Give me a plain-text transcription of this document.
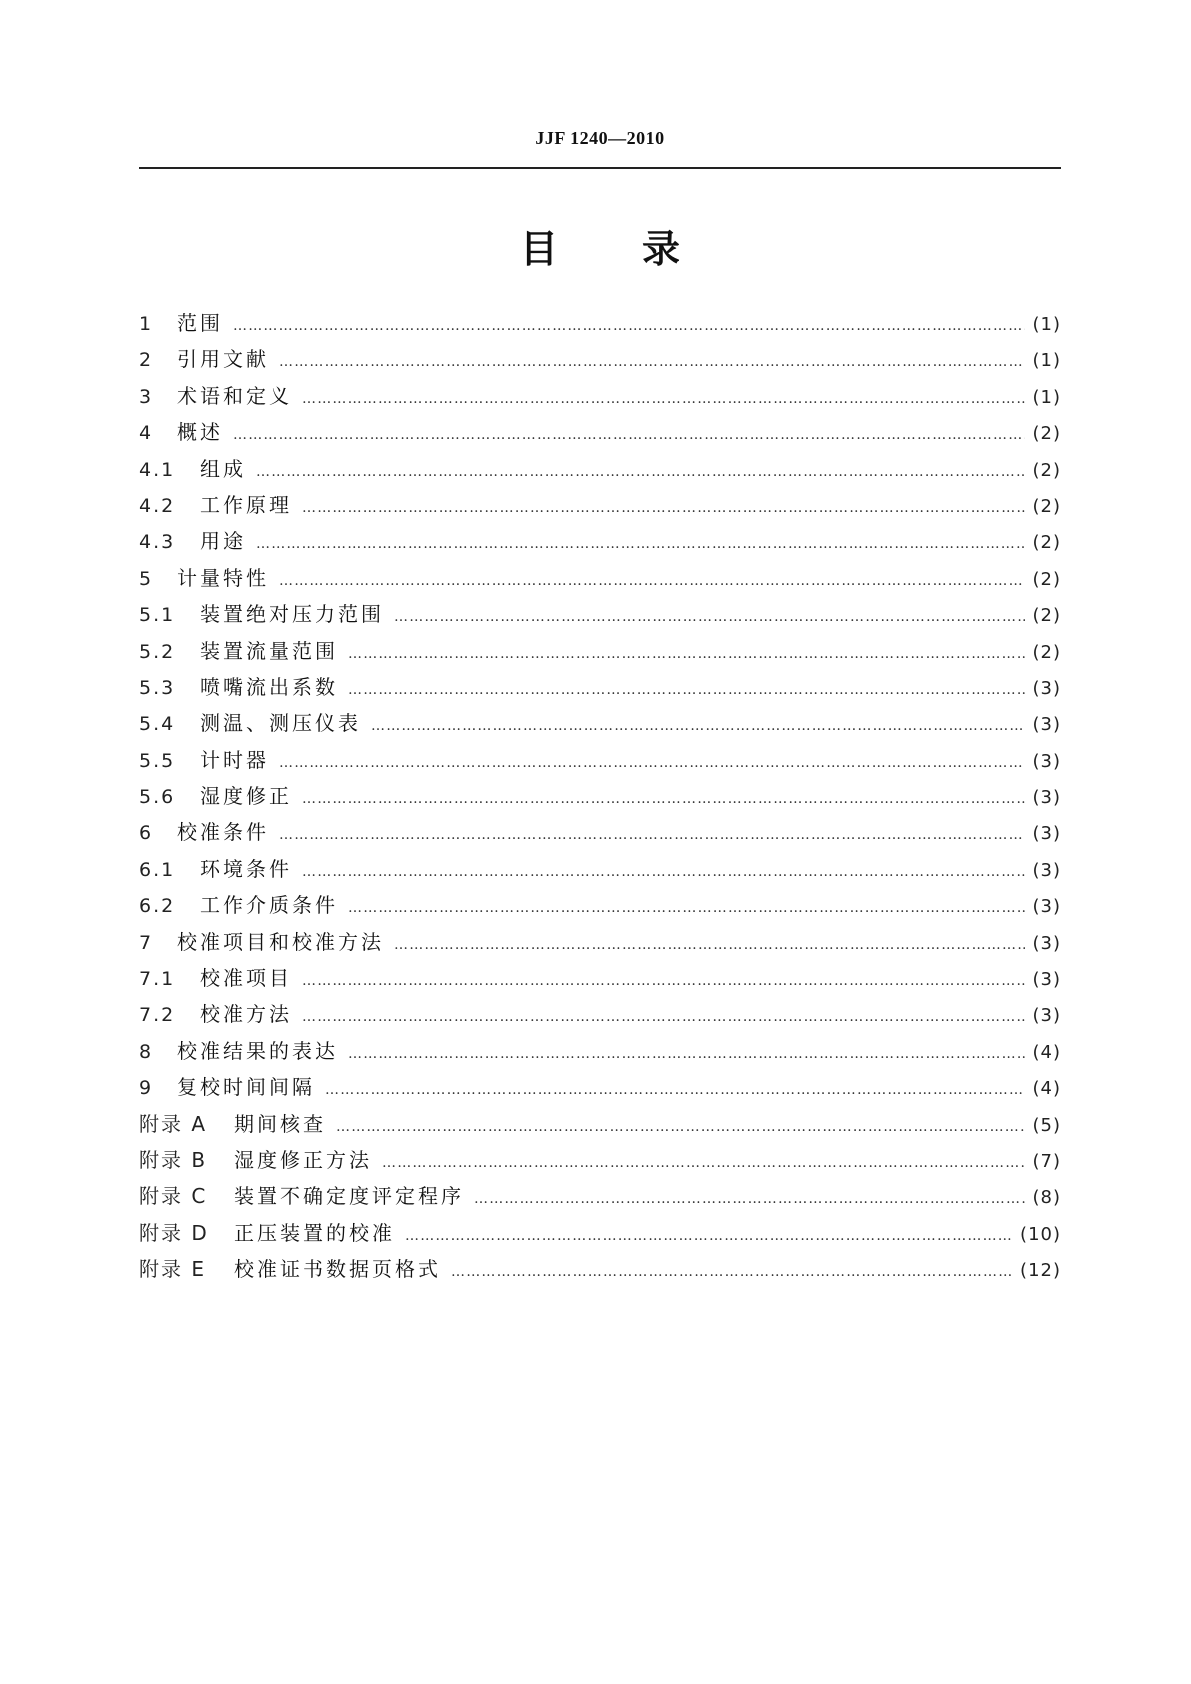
JJF 1240—2010
目 录
1	范围 …………………………………………………………………………………………………………………………………………………………………………………………………………………………………………………………	(1)
2	引用文献 …………………………………………………………………………………………………………………………………………………………………………………………………………………………………………………………	(1)
3	术语和定义 …………………………………………………………………………………………………………………………………………………………………………………………………………………………………………………………	(1)
4	概述 …………………………………………………………………………………………………………………………………………………………………………………………………………………………………………………………	(2)
4.1	组成 …………………………………………………………………………………………………………………………………………………………………………………………………………………………………………………………	(2)
4.2	工作原理 …………………………………………………………………………………………………………………………………………………………………………………………………………………………………………………………	(2)
4.3	用途 …………………………………………………………………………………………………………………………………………………………………………………………………………………………………………………………	(2)
5	计量特性 …………………………………………………………………………………………………………………………………………………………………………………………………………………………………………………………	(2)
5.1	装置绝对压力范围 …………………………………………………………………………………………………………………………………………………………………………………………………………………………………………………………	(2)
5.2	装置流量范围 …………………………………………………………………………………………………………………………………………………………………………………………………………………………………………………………	(2)
5.3	喷嘴流出系数 …………………………………………………………………………………………………………………………………………………………………………………………………………………………………………………………	(3)
5.4	测温、测压仪表 …………………………………………………………………………………………………………………………………………………………………………………………………………………………………………………………	(3)
5.5	计时器 …………………………………………………………………………………………………………………………………………………………………………………………………………………………………………………………	(3)
5.6	湿度修正 …………………………………………………………………………………………………………………………………………………………………………………………………………………………………………………………	(3)
6	校准条件 …………………………………………………………………………………………………………………………………………………………………………………………………………………………………………………………	(3)
6.1	环境条件 …………………………………………………………………………………………………………………………………………………………………………………………………………………………………………………………	(3)
6.2	工作介质条件 …………………………………………………………………………………………………………………………………………………………………………………………………………………………………………………………	(3)
7	校准项目和校准方法 …………………………………………………………………………………………………………………………………………………………………………………………………………………………………………………………	(3)
7.1	校准项目 …………………………………………………………………………………………………………………………………………………………………………………………………………………………………………………………	(3)
7.2	校准方法 …………………………………………………………………………………………………………………………………………………………………………………………………………………………………………………………	(3)
8	校准结果的表达 …………………………………………………………………………………………………………………………………………………………………………………………………………………………………………………………	(4)
9	复校时间间隔 …………………………………………………………………………………………………………………………………………………………………………………………………………………………………………………………	(4)
附录 A	期间核查 …………………………………………………………………………………………………………………………………………………………………………………………………………………………………………………………	(5)
附录 B	湿度修正方法 …………………………………………………………………………………………………………………………………………………………………………………………………………………………………………………………	(7)
附录 C	装置不确定度评定程序 …………………………………………………………………………………………………………………………………………………………………………………………………………………………………………………………	(8)
附录 D	正压装置的校准 …………………………………………………………………………………………………………………………………………………………………………………………………………………………………………………………	(10)
附录 E	校准证书数据页格式 …………………………………………………………………………………………………………………………………………………………………………………………………………………………………………………………	(12)
